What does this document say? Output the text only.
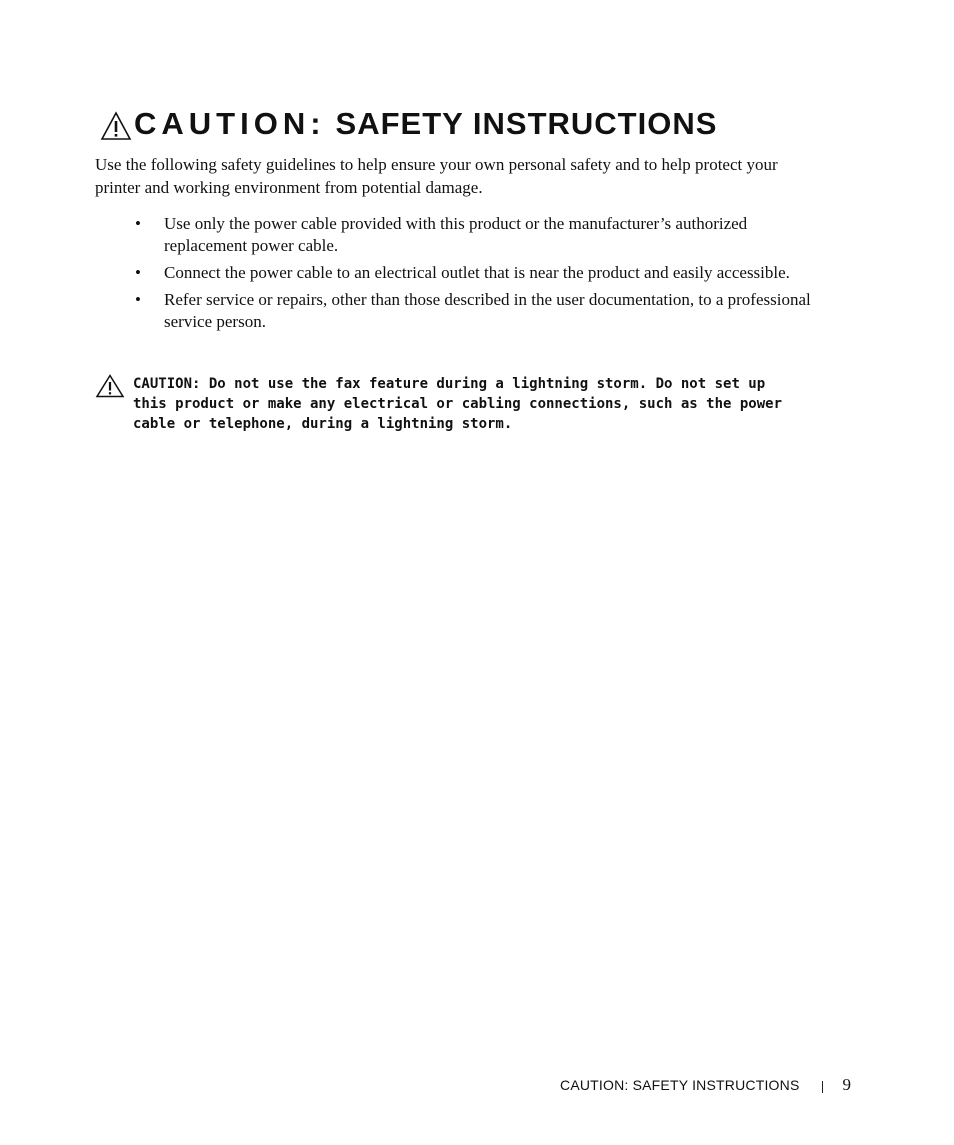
CAUTION: SAFETY INSTRUCTIONS

Use the following safety guidelines to help ensure your own personal safety and to help protect your printer and working environment from potential damage.

• Use only the power cable provided with this product or the manufacturer’s authorized replacement power cable.
• Connect the power cable to an electrical outlet that is near the product and easily accessible.
• Refer service or repairs, other than those described in the user documentation, to a professional service person.
CAUTION: Do not use the fax feature during a lightning storm. Do not set up this product or make any electrical or cabling connections, such as the power cable or telephone, during a lightning storm.
CAUTION: SAFETY INSTRUCTIONS	9
